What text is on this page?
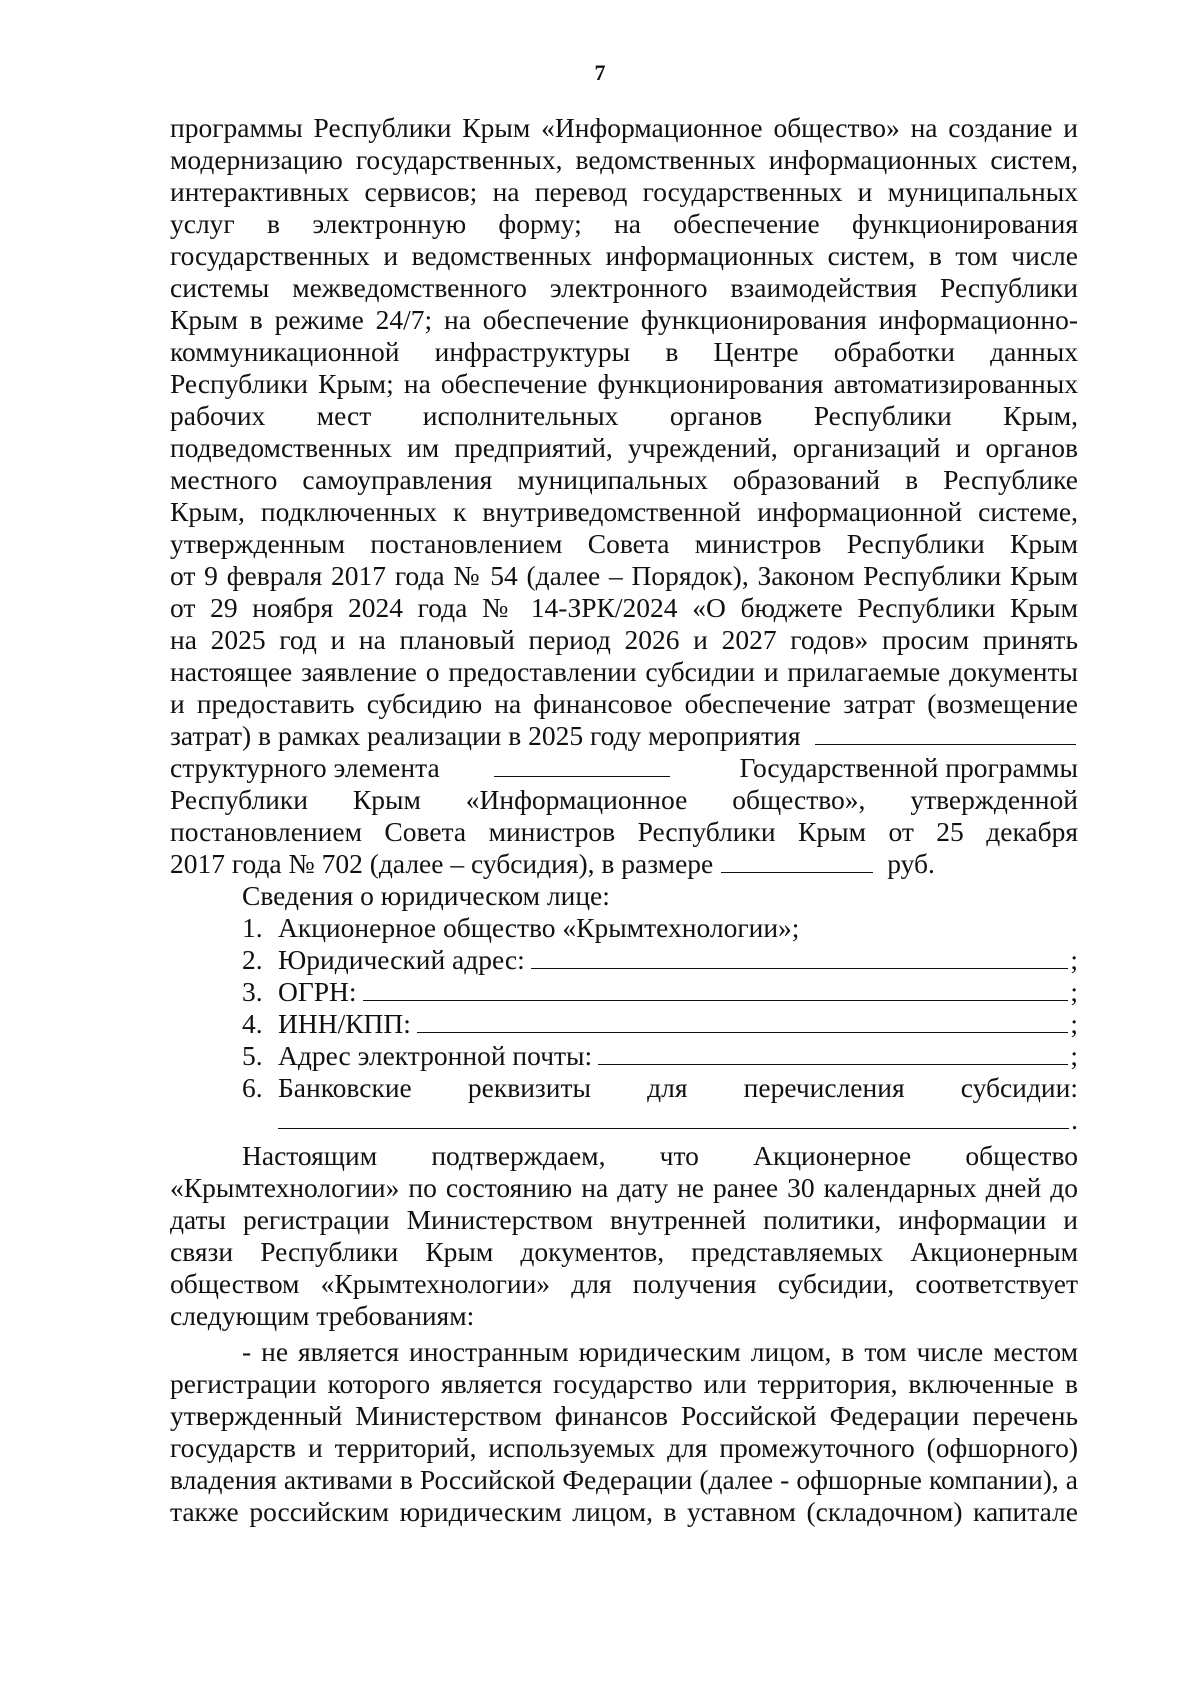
7
программы Республики Крым «Информационное общество» на создание и
модернизацию государственных, ведомственных информационных систем,
интерактивных сервисов; на перевод государственных и муниципальных
услуг в электронную форму; на обеспечение функционирования
государственных и ведомственных информационных систем, в том числе
системы межведомственного электронного взаимодействия Республики
Крым в режиме 24/7; на обеспечение функционирования информационно-
коммуникационной инфраструктуры в Центре обработки данных
Республики Крым; на обеспечение функционирования автоматизированных
рабочих мест исполнительных органов Республики Крым,
подведомственных им предприятий, учреждений, организаций и органов
местного самоуправления муниципальных образований в Республике
Крым, подключенных к внутриведомственной информационной системе,
утвержденным постановлением Совета министров Республики Крым
от 9 февраля 2017 года № 54 (далее – Порядок), Законом Республики Крым
от 29 ноября 2024 года № 14-ЗРК/2024 «О бюджете Республики Крым
на 2025 год и на плановый период 2026 и 2027 годов» просим принять
настоящее заявление о предоставлении субсидии и прилагаемые документы
и предоставить субсидию на финансовое обеспечение затрат (возмещение
затрат) в рамках реализации в 2025 году мероприятия
структурного элемента	Государственной программы
Республики Крым «Информационное общество», утвержденной
постановлением Совета министров Республики Крым от 25 декабря
2017 года № 702 (далее – субсидия), в размере	руб.
Сведения о юридическом лице:
1. Акционерное общество «Крымтехнологии»;
2. Юридический адрес:	;
3. ОГРН:	;
4. ИНН/КПП:	;
5. Адрес электронной почты:	;
6. Банковские реквизиты для перечисления субсидии:
.
Настоящим подтверждаем, что Акционерное общество
«Крымтехнологии» по состоянию на дату не ранее 30 календарных дней до
даты регистрации Министерством внутренней политики, информации и
связи Республики Крым документов, представляемых Акционерным
обществом «Крымтехнологии» для получения субсидии, соответствует
следующим требованиям:
- не является иностранным юридическим лицом, в том числе местом
регистрации которого является государство или территория, включенные в
утвержденный Министерством финансов Российской Федерации перечень
государств и территорий, используемых для промежуточного (офшорного)
владения активами в Российской Федерации (далее - офшорные компании), а
также российским юридическим лицом, в уставном (складочном) капитале
